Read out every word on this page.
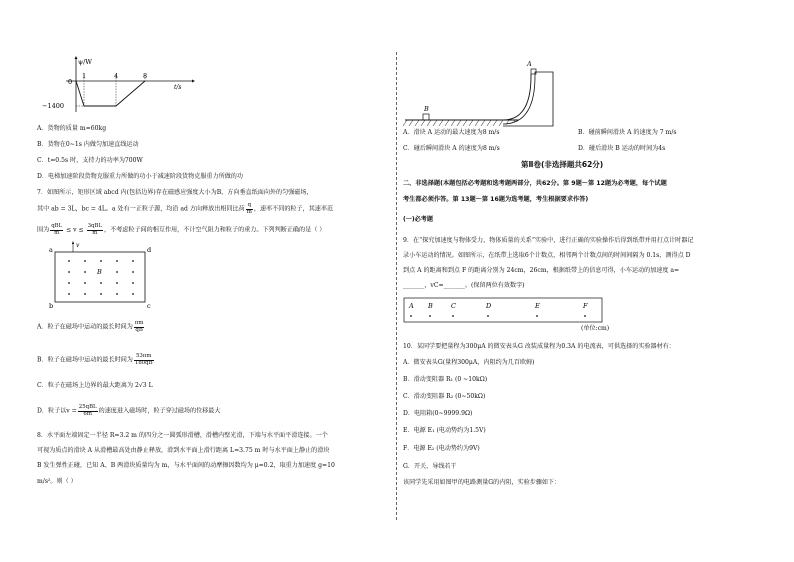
ψ/W
0
−1400
1	4	8
t/s
A．货物的质量 m=60kg
B．货物在0~1s 内做匀加速直线运动
C．t=0.5s 时，支持力的功率为700W
D．电梯加速阶段货物克服重力所做的功小于减速阶段货物克服重力所做的功
7．如图所示，矩形区域 abcd 内(包括边界)存在磁感应强度大小为B、方向垂直纸面向外的匀强磁场，
其中 ab = 3L，bc = 4L。a 处有一正粒子源，均沿 ad 方向释放出相同比荷 $\frac{q}{m}$ ，速率不同的粒子，其速率范
围为 $\frac{\text{qBL}}{m} \le v \le \frac{\text{3qBL}}{m}$ ，不考虑粒子间的相互作用，不计空气阻力和粒子的重力。下列判断正确的是（ ）
a
b	c
d
v
B
A．粒子在磁场中运动的最长时间为 $\frac{\pi m}{qB}$
B．粒子在磁场中运动的最长时间为 $\frac{53\pi m}{180qB}$
C．粒子在磁场上边界的最大距离为 2√3 L
D．粒子以$v = \frac{\text{25qBL}}{6m}$ 的速度进入磁场时，粒子穿过磁场的位移最大
8．水平面左端固定一半径 R=3.2 m 的四分之一圆弧形滑槽，滑槽内壁光滑，下端与水平面平滑连接。一个
可视为质点的滑块 A 从滑槽最高处由静止释放，滑到水平面上滑行距离 L=3.75 m 时与水平面上静止的滑块
B 发生弹性正碰，已知 A、B 两滑块质量均为 m，与水平面间的动摩擦因数均为 μ=0.2，取重力加速度 g=10
m/s²。则（ ）
B
A
A．滑块 A 运动的最大速度为8 m/s	B．碰前瞬间滑块 A 的速度为 7 m/s
C．碰后瞬间滑块 A 的速度为8 m/s	D．碰后滑块 B 运动的时间为4s
第Ⅱ卷(非选择题共62分)
二、非选择题(本题包括必考题和选考题两部分，共62分。第 9题～第 12题为必考题，每个试题
考生都必须作答。第 13题～第 16题为选考题，考生根据要求作答)
(一)必考题
9．在“探究加速度与物体受力、物体质量的关系”实验中，进行正确的实验操作后得到纸带并用打点计时器记
录小车运动的情况。如图所示，在纸带上选取6个计数点，相邻两个计数点间的时间间隔为 0.1s，测得点 D
到点 A 的距离和到点 F 的距离分别为 24cm，26cm，根据纸带上的信息可得，小车运动的加速度 a=
_______，vC=_______。(保留两位有效数字)
A B	C	D	E	F
(单位:cm)
10．某同学要把量程为300μA 的微安表头G 改装成量程为0.3A 的电流表，可供选择的实验器材有：
A．微安表头G(量程300μA，内阻约为几百欧姆)
B．滑动变阻器 R₁ (0 ~10kΩ)
C．滑动变阻器 R₂ (0~50kΩ)
D．电阻箱(0~9999.9Ω)
E．电源 E₁ (电动势约为1.5V)
F．电源 E₂ (电动势约为9V)
G．开关、导线若干
该同学先采用如图甲的电路测量G的内阻，实验步骤如下：
